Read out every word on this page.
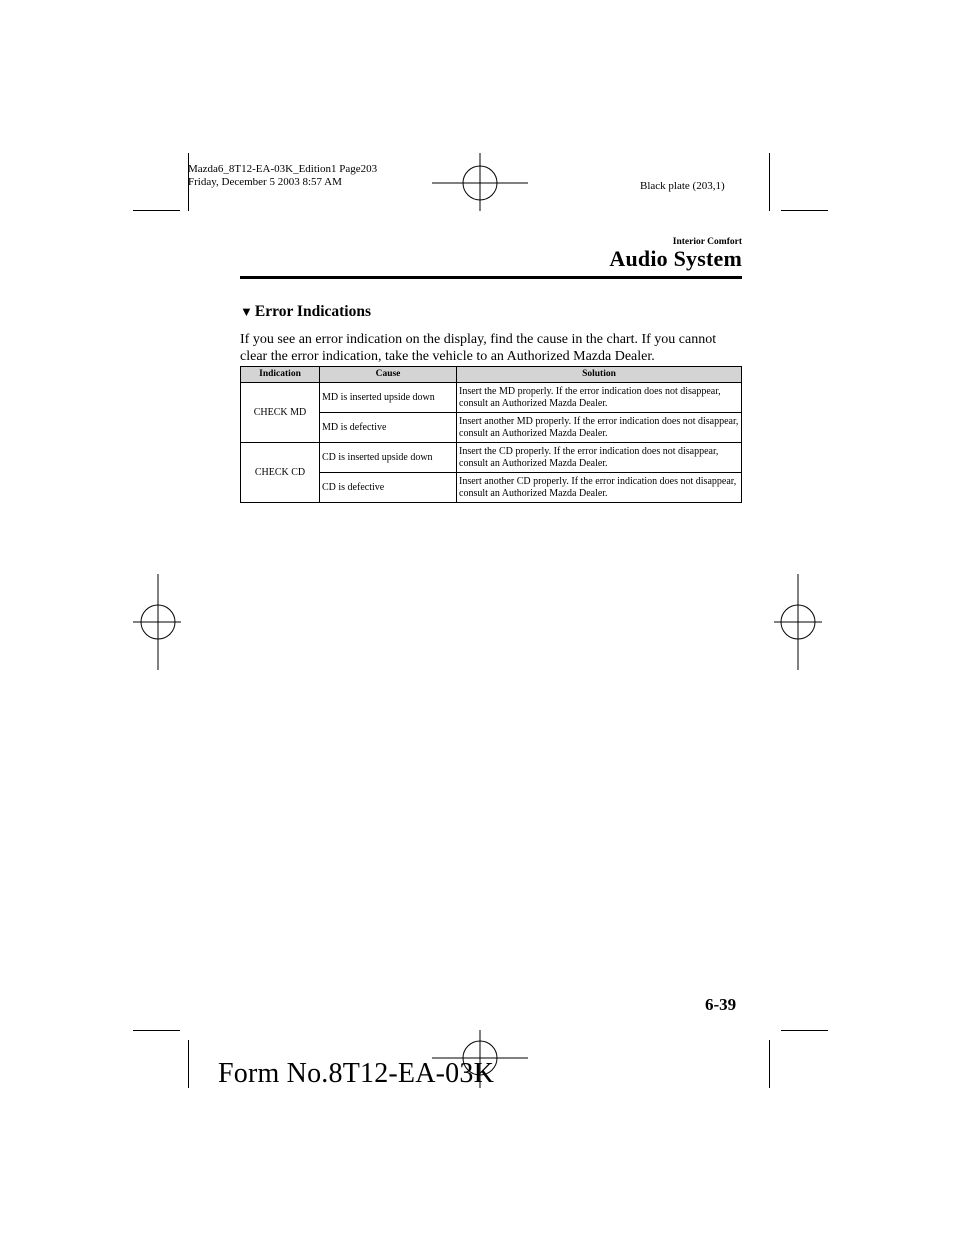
Mazda6_8T12-EA-03K_Edition1 Page203
Friday, December 5 2003 8:57 AM	Black plate (203,1)
Interior Comfort
Audio System
▼ Error Indications
If you see an error indication on the display, find the cause in the chart. If you cannot clear the error indication, take the vehicle to an Authorized Mazda Dealer.
Indication	Cause	Solution
CHECK MD	MD is inserted upside down	Insert the MD properly. If the error indication does not disappear, consult an Authorized Mazda Dealer.
	MD is defective	Insert another MD properly. If the error indication does not disappear, consult an Authorized Mazda Dealer.
CHECK CD	CD is inserted upside down	Insert the CD properly. If the error indication does not disappear, consult an Authorized Mazda Dealer.
	CD is defective	Insert another CD properly. If the error indication does not disappear, consult an Authorized Mazda Dealer.
6-39
Form No.8T12-EA-03K
